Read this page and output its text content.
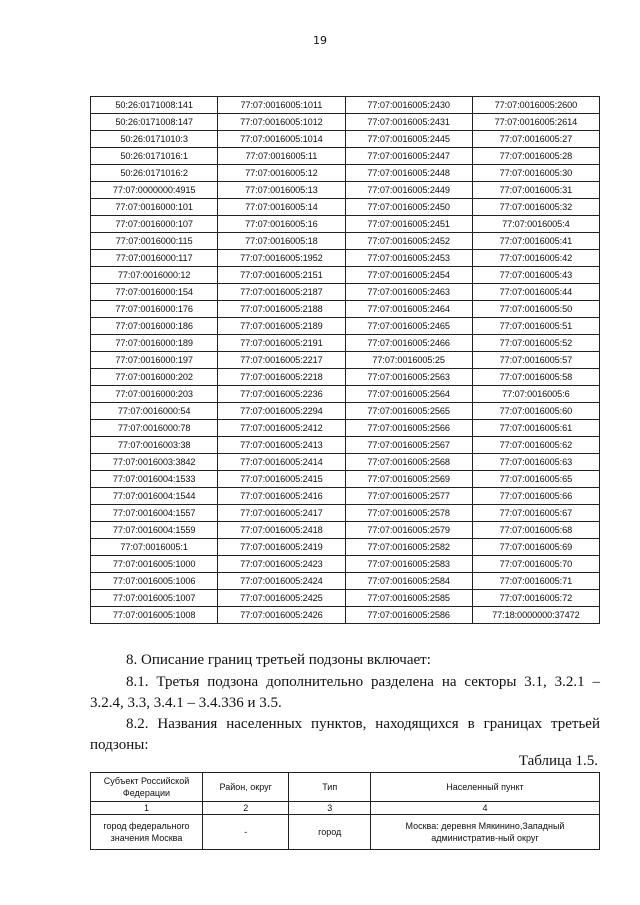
19
50:26:0171008:141	77:07:0016005:1011	77:07:0016005:2430	77:07:0016005:2600
50:26:0171008:147	77:07:0016005:1012	77:07:0016005:2431	77:07:0016005:2614
50:26:0171010:3	77:07:0016005:1014	77:07:0016005:2445	77:07:0016005:27
50:26:0171016:1	77:07:0016005:11	77:07:0016005:2447	77:07:0016005:28
50:26:0171016:2	77:07:0016005:12	77:07:0016005:2448	77:07:0016005:30
77:07:0000000:4915	77:07:0016005:13	77:07:0016005:2449	77:07:0016005:31
77:07:0016000:101	77:07:0016005:14	77:07:0016005:2450	77:07:0016005:32
77:07:0016000:107	77:07:0016005:16	77:07:0016005:2451	77:07:0016005:4
77:07:0016000:115	77:07:0016005:18	77:07:0016005:2452	77:07:0016005:41
77:07:0016000:117	77:07:0016005:1952	77:07:0016005:2453	77:07:0016005:42
77:07:0016000:12	77:07:0016005:2151	77:07:0016005:2454	77:07:0016005:43
77:07:0016000:154	77:07:0016005:2187	77:07:0016005:2463	77:07:0016005:44
77:07:0016000:176	77:07:0016005:2188	77:07:0016005:2464	77:07:0016005:50
77:07:0016000:186	77:07:0016005:2189	77:07:0016005:2465	77:07:0016005:51
77:07:0016000:189	77:07:0016005:2191	77:07:0016005:2466	77:07:0016005:52
77:07:0016000:197	77:07:0016005:2217	77:07:0016005:25	77:07:0016005:57
77:07:0016000:202	77:07:0016005:2218	77:07:0016005:2563	77:07:0016005:58
77:07:0016000:203	77:07:0016005:2236	77:07:0016005:2564	77:07:0016005:6
77:07:0016000:54	77:07:0016005:2294	77:07:0016005:2565	77:07:0016005:60
77:07:0016000:78	77:07:0016005:2412	77:07:0016005:2566	77:07:0016005:61
77:07:0016003:38	77:07:0016005:2413	77:07:0016005:2567	77:07:0016005:62
77:07:0016003:3842	77:07:0016005:2414	77:07:0016005:2568	77:07:0016005:63
77:07:0016004:1533	77:07:0016005:2415	77:07:0016005:2569	77:07:0016005:65
77:07:0016004:1544	77:07:0016005:2416	77:07:0016005:2577	77:07:0016005:66
77:07:0016004:1557	77:07:0016005:2417	77:07:0016005:2578	77:07:0016005:67
77:07:0016004:1559	77:07:0016005:2418	77:07:0016005:2579	77:07:0016005:68
77:07:0016005:1	77:07:0016005:2419	77:07:0016005:2582	77:07:0016005:69
77:07:0016005:1000	77:07:0016005:2423	77:07:0016005:2583	77:07:0016005:70
77:07:0016005:1006	77:07:0016005:2424	77:07:0016005:2584	77:07:0016005:71
77:07:0016005:1007	77:07:0016005:2425	77:07:0016005:2585	77:07:0016005:72
77:07:0016005:1008	77:07:0016005:2426	77:07:0016005:2586	77:18:0000000:37472

8. Описание границ третьей подзоны включает:

8.1. Третья подзона дополнительно разделена на секторы 3.1, 3.2.1 –

3.2.4, 3.3, 3.4.1 – 3.4.336 и 3.5.

8.2. Названия населенных пунктов, находящихся в границах третьей

подзоны:

Таблица 1.5.
Субъект Российской Федерации	Район, округ	Тип	Населенный пункт
1	2	3	4
город федерального значения Москва	-	город	Москва: деревня Мякинино,Западный административ-ный округ
